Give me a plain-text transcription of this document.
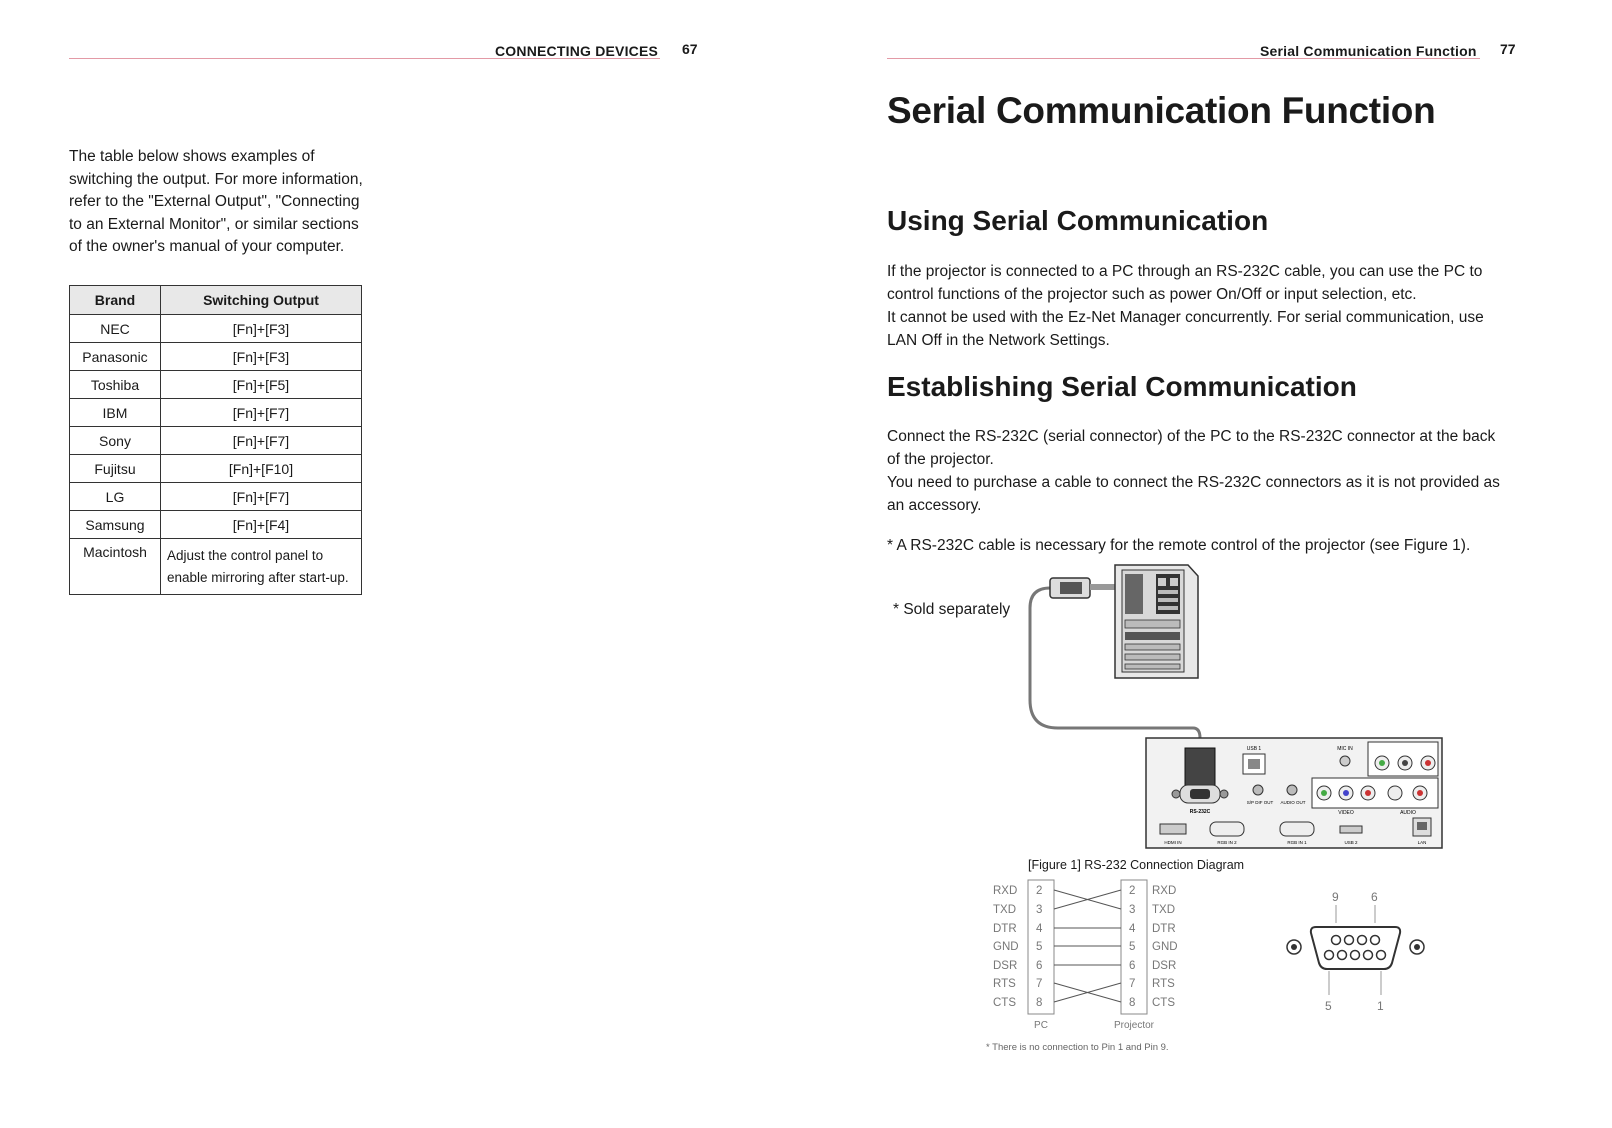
CONNECTING DEVICES 67
The table below shows examples of switching the output. For more information, refer to the "External Output", "Connecting to an External Monitor", or similar sections of the owner's manual of your computer.
Brand	Switching Output
NEC	[Fn]+[F3]
Panasonic	[Fn]+[F3]
Toshiba	[Fn]+[F5]
IBM	[Fn]+[F7]
Sony	[Fn]+[F7]
Fujitsu	[Fn]+[F10]
LG	[Fn]+[F7]
Samsung	[Fn]+[F4]
Macintosh	Adjust the control panel to enable mirroring after start-up.
Serial Communication Function 77
Serial Communication Function
Using Serial Communication
If the projector is connected to a PC through an RS-232C cable, you can use the PC to control functions of the projector such as power On/Off or input selection, etc.
It cannot be used with the Ez-Net Manager concurrently. For serial communication, use LAN Off in the Network Settings.
Establishing Serial Communication
Connect the RS-232C (serial connector) of the PC to the RS-232C connector at the back of the projector.
You need to purchase a cable to connect the RS-232C connectors as it is not provided as an accessory.
* A RS-232C cable is necessary for the remote control of the projector (see Figure 1).
* Sold separately
RS-232C
USB 1	MIC IN
S/P DIF OUT AUDIO OUT
VIDEO	AUDIO
HDMI IN	RGB IN 2	RGB IN 1	USB 2	LAN
[Figure 1] RS-232 Connection Diagram
RXD 2
TXD 3
DTR 4
GND 5
DSR 6
RTS 7
CTS 8
2 RXD
3 TXD
4 DTR
5 GND
6 DSR
7 RTS
8 CTS
PC	Projector
* There is no connection to Pin 1 and Pin 9.
9	6
5	1
